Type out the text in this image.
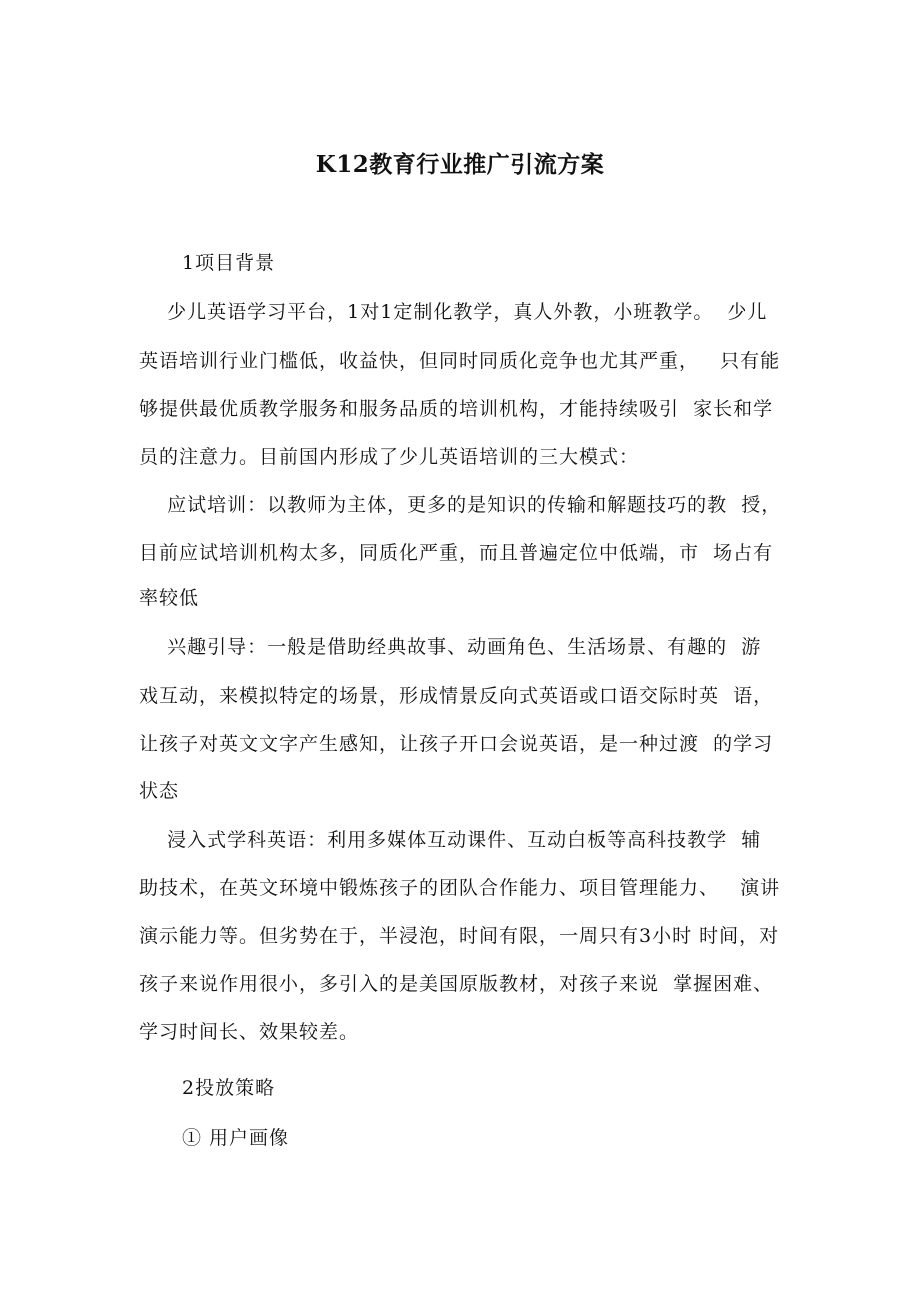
K12教育行业推广引流方案
1项目背景
少儿英语学习平台，1对1定制化教学，真人外教，小班教学。  少儿
英语培训行业门槛低，收益快，但同时同质化竞争也尤其严重，   只有能
够提供最优质教学服务和服务品质的培训机构，才能持续吸引  家长和学
员的注意力。目前国内形成了少儿英语培训的三大模式：
应试培训：以教师为主体，更多的是知识的传输和解题技巧的教  授，
目前应试培训机构太多，同质化严重，而且普遍定位中低端，市  场占有
率较低
兴趣引导：一般是借助经典故事、动画角色、生活场景、有趣的  游
戏互动，来模拟特定的场景，形成情景反向式英语或口语交际时英  语，
让孩子对英文文字产生感知，让孩子开口会说英语，是一种过渡  的学习
状态
浸入式学科英语：利用多媒体互动课件、互动白板等高科技教学  辅
助技术，在英文环境中锻炼孩子的团队合作能力、项目管理能力、   演讲
演示能力等。但劣势在于，半浸泡，时间有限，一周只有3小时 时间，对
孩子来说作用很小，多引入的是美国原版教材，对孩子来说  掌握困难、
学习时间长、效果较差。
2投放策略
① 用户画像
